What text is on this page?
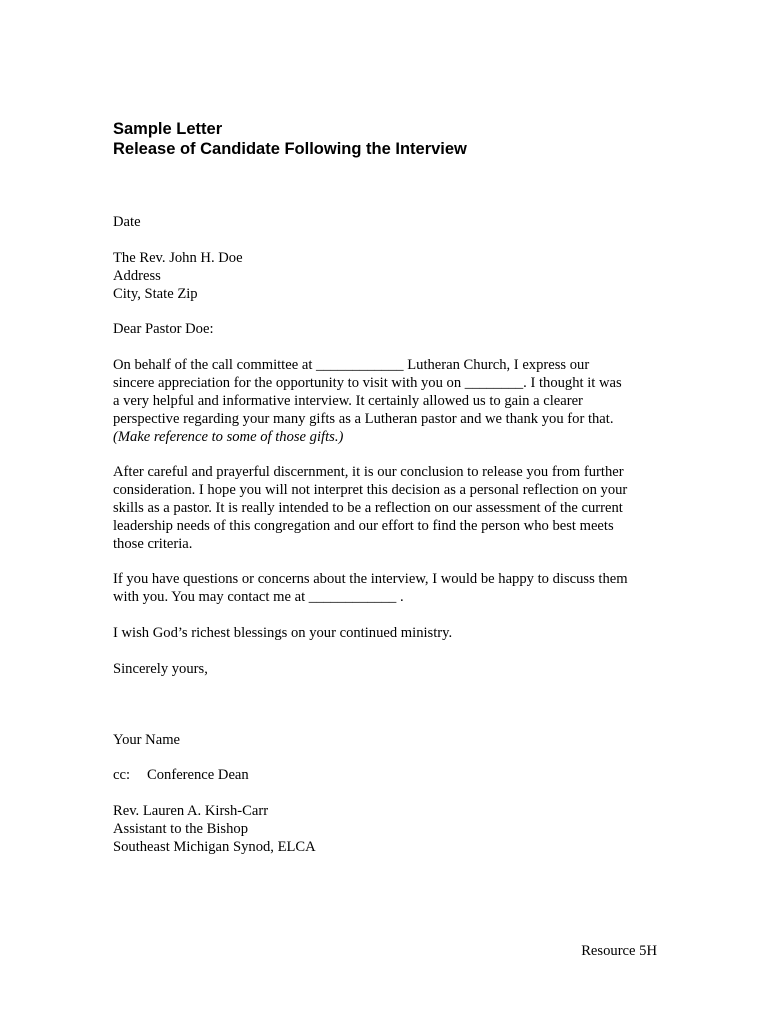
Sample Letter
Release of Candidate Following the Interview
Date
The Rev. John H. Doe
Address
City, State Zip
Dear Pastor Doe:
On behalf of the call committee at ____________ Lutheran Church, I express our
sincere appreciation for the opportunity to visit with you on ________. I thought it was
a very helpful and informative interview. It certainly allowed us to gain a clearer
perspective regarding your many gifts as a Lutheran pastor and we thank you for that.
(Make reference to some of those gifts.)
After careful and prayerful discernment, it is our conclusion to release you from further
consideration. I hope you will not interpret this decision as a personal reflection on your
skills as a pastor. It is really intended to be a reflection on our assessment of the current
leadership needs of this congregation and our effort to find the person who best meets
those criteria.
If you have questions or concerns about the interview, I would be happy to discuss them
with you. You may contact me at ____________ .
I wish God’s richest blessings on your continued ministry.
Sincerely yours,
Your Name
cc: Conference Dean
Rev. Lauren A. Kirsh-Carr
Assistant to the Bishop
Southeast Michigan Synod, ELCA
Resource 5H
